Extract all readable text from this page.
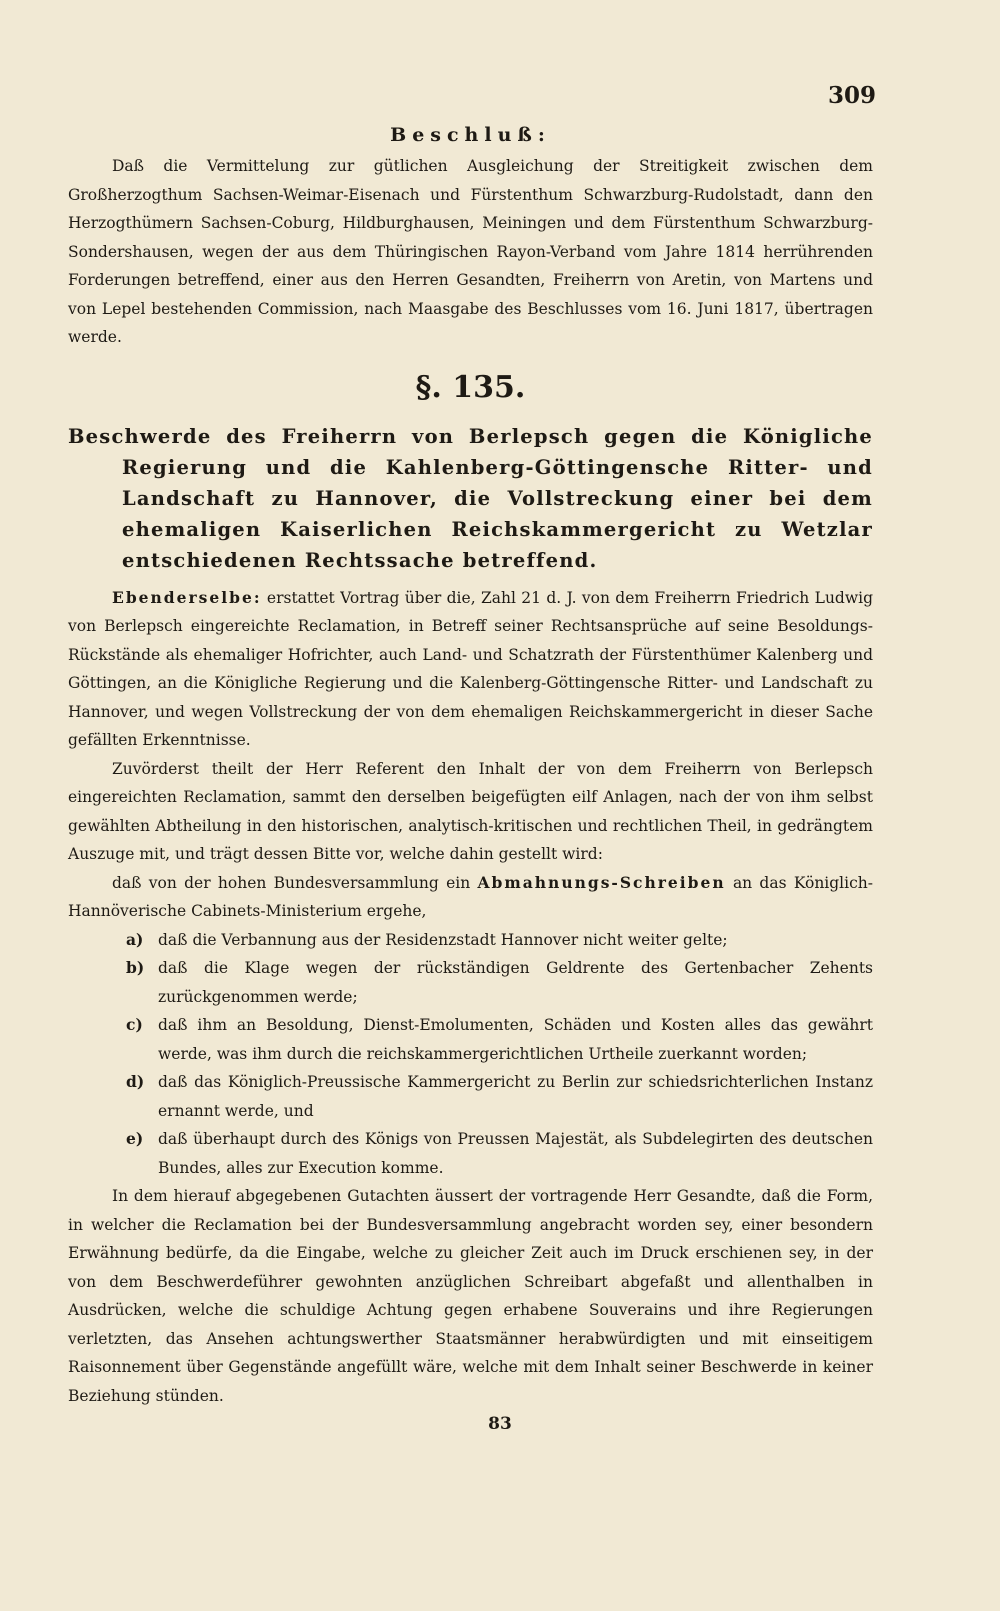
309
Beschluß:

Daß die Vermittelung zur gütlichen Ausgleichung der Streitigkeit zwischen dem Großherzogthum Sachsen-Weimar-Eisenach und Fürstenthum Schwarzburg-Rudolstadt, dann den Herzogthümern Sachsen-Coburg, Hildburghausen, Meiningen und dem Fürstenthum Schwarzburg-Sondershausen, wegen der aus dem Thüringischen Rayon-Verband vom Jahre 1814 herrührenden Forderungen betreffend, einer aus den Herren Gesandten, Freiherrn von Aretin, von Martens und von Lepel bestehenden Commission, nach Maasgabe des Beschlusses vom 16. Juni 1817, übertragen werde.

§. 135.

Beschwerde des Freiherrn von Berlepsch gegen die Königliche Regierung und die Kahlenberg-Göttingensche Ritter- und Landschaft zu Hannover, die Vollstreckung einer bei dem ehemaligen Kaiserlichen Reichskammergericht zu Wetzlar entschiedenen Rechtssache betreffend.

Ebenderselbe: erstattet Vortrag über die, Zahl 21 d. J. von dem Freiherrn Friedrich Ludwig von Berlepsch eingereichte Reclamation, in Betreff seiner Rechtsansprüche auf seine Besoldungs-Rückstände als ehemaliger Hofrichter, auch Land- und Schatzrath der Fürstenthümer Kalenberg und Göttingen, an die Königliche Regierung und die Kalenberg-Göttingensche Ritter- und Landschaft zu Hannover, und wegen Vollstreckung der von dem ehemaligen Reichskammergericht in dieser Sache gefällten Erkenntnisse.

Zuvörderst theilt der Herr Referent den Inhalt der von dem Freiherrn von Berlepsch eingereichten Reclamation, sammt den derselben beigefügten eilf Anlagen, nach der von ihm selbst gewählten Abtheilung in den historischen, analytisch-kritischen und rechtlichen Theil, in gedrängtem Auszuge mit, und trägt dessen Bitte vor, welche dahin gestellt wird:

daß von der hohen Bundesversammlung ein Abmahnungs-Schreiben an das Königlich-Hannöverische Cabinets-Ministerium ergehe,

a) daß die Verbannung aus der Residenzstadt Hannover nicht weiter gelte;
b) daß die Klage wegen der rückständigen Geldrente des Gertenbacher Zehents zurückgenommen werde;
c) daß ihm an Besoldung, Dienst-Emolumenten, Schäden und Kosten alles das gewährt werde, was ihm durch die reichskammergerichtlichen Urtheile zuerkannt worden;
d) daß das Königlich-Preussische Kammergericht zu Berlin zur schiedsrichterlichen Instanz ernannt werde, und
e) daß überhaupt durch des Königs von Preussen Majestät, als Subdelegirten des deutschen Bundes, alles zur Execution komme.

In dem hierauf abgegebenen Gutachten äussert der vortragende Herr Gesandte, daß die Form, in welcher die Reclamation bei der Bundesversammlung angebracht worden sey, einer besondern Erwähnung bedürfe, da die Eingabe, welche zu gleicher Zeit auch im Druck erschienen sey, in der von dem Beschwerdeführer gewohnten anzüglichen Schreibart abgefaßt und allenthalben in Ausdrücken, welche die schuldige Achtung gegen erhabene Souverains und ihre Regierungen verletzten, das Ansehen achtungswerther Staatsmänner herabwürdigten und mit einseitigem Raisonnement über Gegenstände angefüllt wäre, welche mit dem Inhalt seiner Beschwerde in keiner Beziehung stünden.

83
